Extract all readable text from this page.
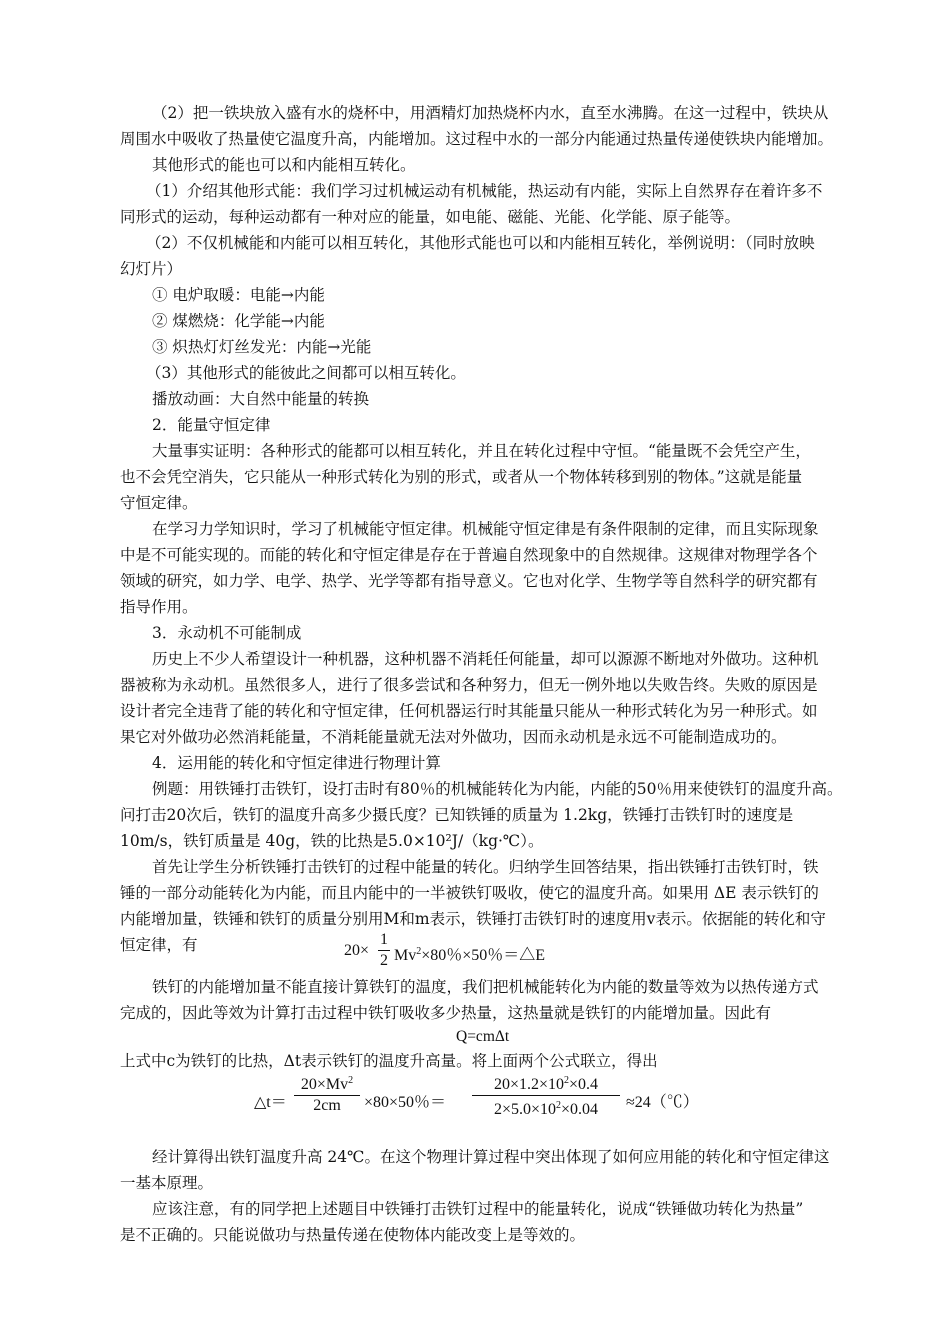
（2）把一铁块放入盛有水的烧杯中，用酒精灯加热烧杯内水，直至水沸腾。在这一过程中，铁块从
周围水中吸收了热量使它温度升高，内能增加。这过程中水的一部分内能通过热量传递使铁块内能增加。
其他形式的能也可以和内能相互转化。
（1）介绍其他形式能：我们学习过机械运动有机械能，热运动有内能，实际上自然界存在着许多不
同形式的运动，每种运动都有一种对应的能量，如电能、磁能、光能、化学能、原子能等。
（2）不仅机械能和内能可以相互转化，其他形式能也可以和内能相互转化，举例说明：（同时放映
幻灯片）
① 电炉取暖：电能→内能
② 煤燃烧：化学能→内能
③ 炽热灯灯丝发光：内能→光能
（3）其他形式的能彼此之间都可以相互转化。
播放动画：大自然中能量的转换
2．能量守恒定律
大量事实证明：各种形式的能都可以相互转化，并且在转化过程中守恒。“能量既不会凭空产生，
也不会凭空消失，它只能从一种形式转化为别的形式，或者从一个物体转移到别的物体。”这就是能量
守恒定律。
在学习力学知识时，学习了机械能守恒定律。机械能守恒定律是有条件限制的定律，而且实际现象
中是不可能实现的。而能的转化和守恒定律是存在于普遍自然现象中的自然规律。这规律对物理学各个
领域的研究，如力学、电学、热学、光学等都有指导意义。它也对化学、生物学等自然科学的研究都有
指导作用。
3．永动机不可能制成
历史上不少人希望设计一种机器，这种机器不消耗任何能量，却可以源源不断地对外做功。这种机
器被称为永动机。虽然很多人，进行了很多尝试和各种努力，但无一例外地以失败告终。失败的原因是
设计者完全违背了能的转化和守恒定律，任何机器运行时其能量只能从一种形式转化为另一种形式。如
果它对外做功必然消耗能量，不消耗能量就无法对外做功，因而永动机是永远不可能制造成功的。
4．运用能的转化和守恒定律进行物理计算
例题：用铁锤打击铁钉，设打击时有80％的机械能转化为内能，内能的50％用来使铁钉的温度升高。
问打击20次后，铁钉的温度升高多少摄氏度？已知铁锤的质量为 1.2kg，铁锤打击铁钉时的速度是
10m/s，铁钉质量是 40g，铁的比热是5.0×10²J/（kg·℃）。
首先让学生分析铁锤打击铁钉的过程中能量的转化。归纳学生回答结果，指出铁锤打击铁钉时，铁
锤的一部分动能转化为内能，而且内能中的一半被铁钉吸收，使它的温度升高。如果用 ΔE 表示铁钉的
内能增加量，铁锤和铁钉的质量分别用M和m表示，铁锤打击铁钉时的速度用v表示。依据能的转化和守
恒定律，有	20×
1
2 $Mv^2\times 80$％×50％＝△E
铁钉的内能增加量不能直接计算铁钉的温度，我们把机械能转化为内能的数量等效为以热传递方式
完成的，因此等效为计算打击过程中铁钉吸收多少热量，这热量就是铁钉的内能增加量。因此有
Q=cmΔt
上式中c为铁钉的比热，Δt表示铁钉的温度升高量。将上面两个公式联立，得出
△t＝
$20\times Mv^2$
2cm	×80×50％＝
$20\times 1.2\times 10^2\times 0.4$
$2\times 5.0\times 10^2\times 0.04$	≈24（℃）
经计算得出铁钉温度升高 24℃。在这个物理计算过程中突出体现了如何应用能的转化和守恒定律这
一基本原理。
应该注意，有的同学把上述题目中铁锤打击铁钉过程中的能量转化，说成“铁锤做功转化为热量”
是不正确的。只能说做功与热量传递在使物体内能改变上是等效的。
